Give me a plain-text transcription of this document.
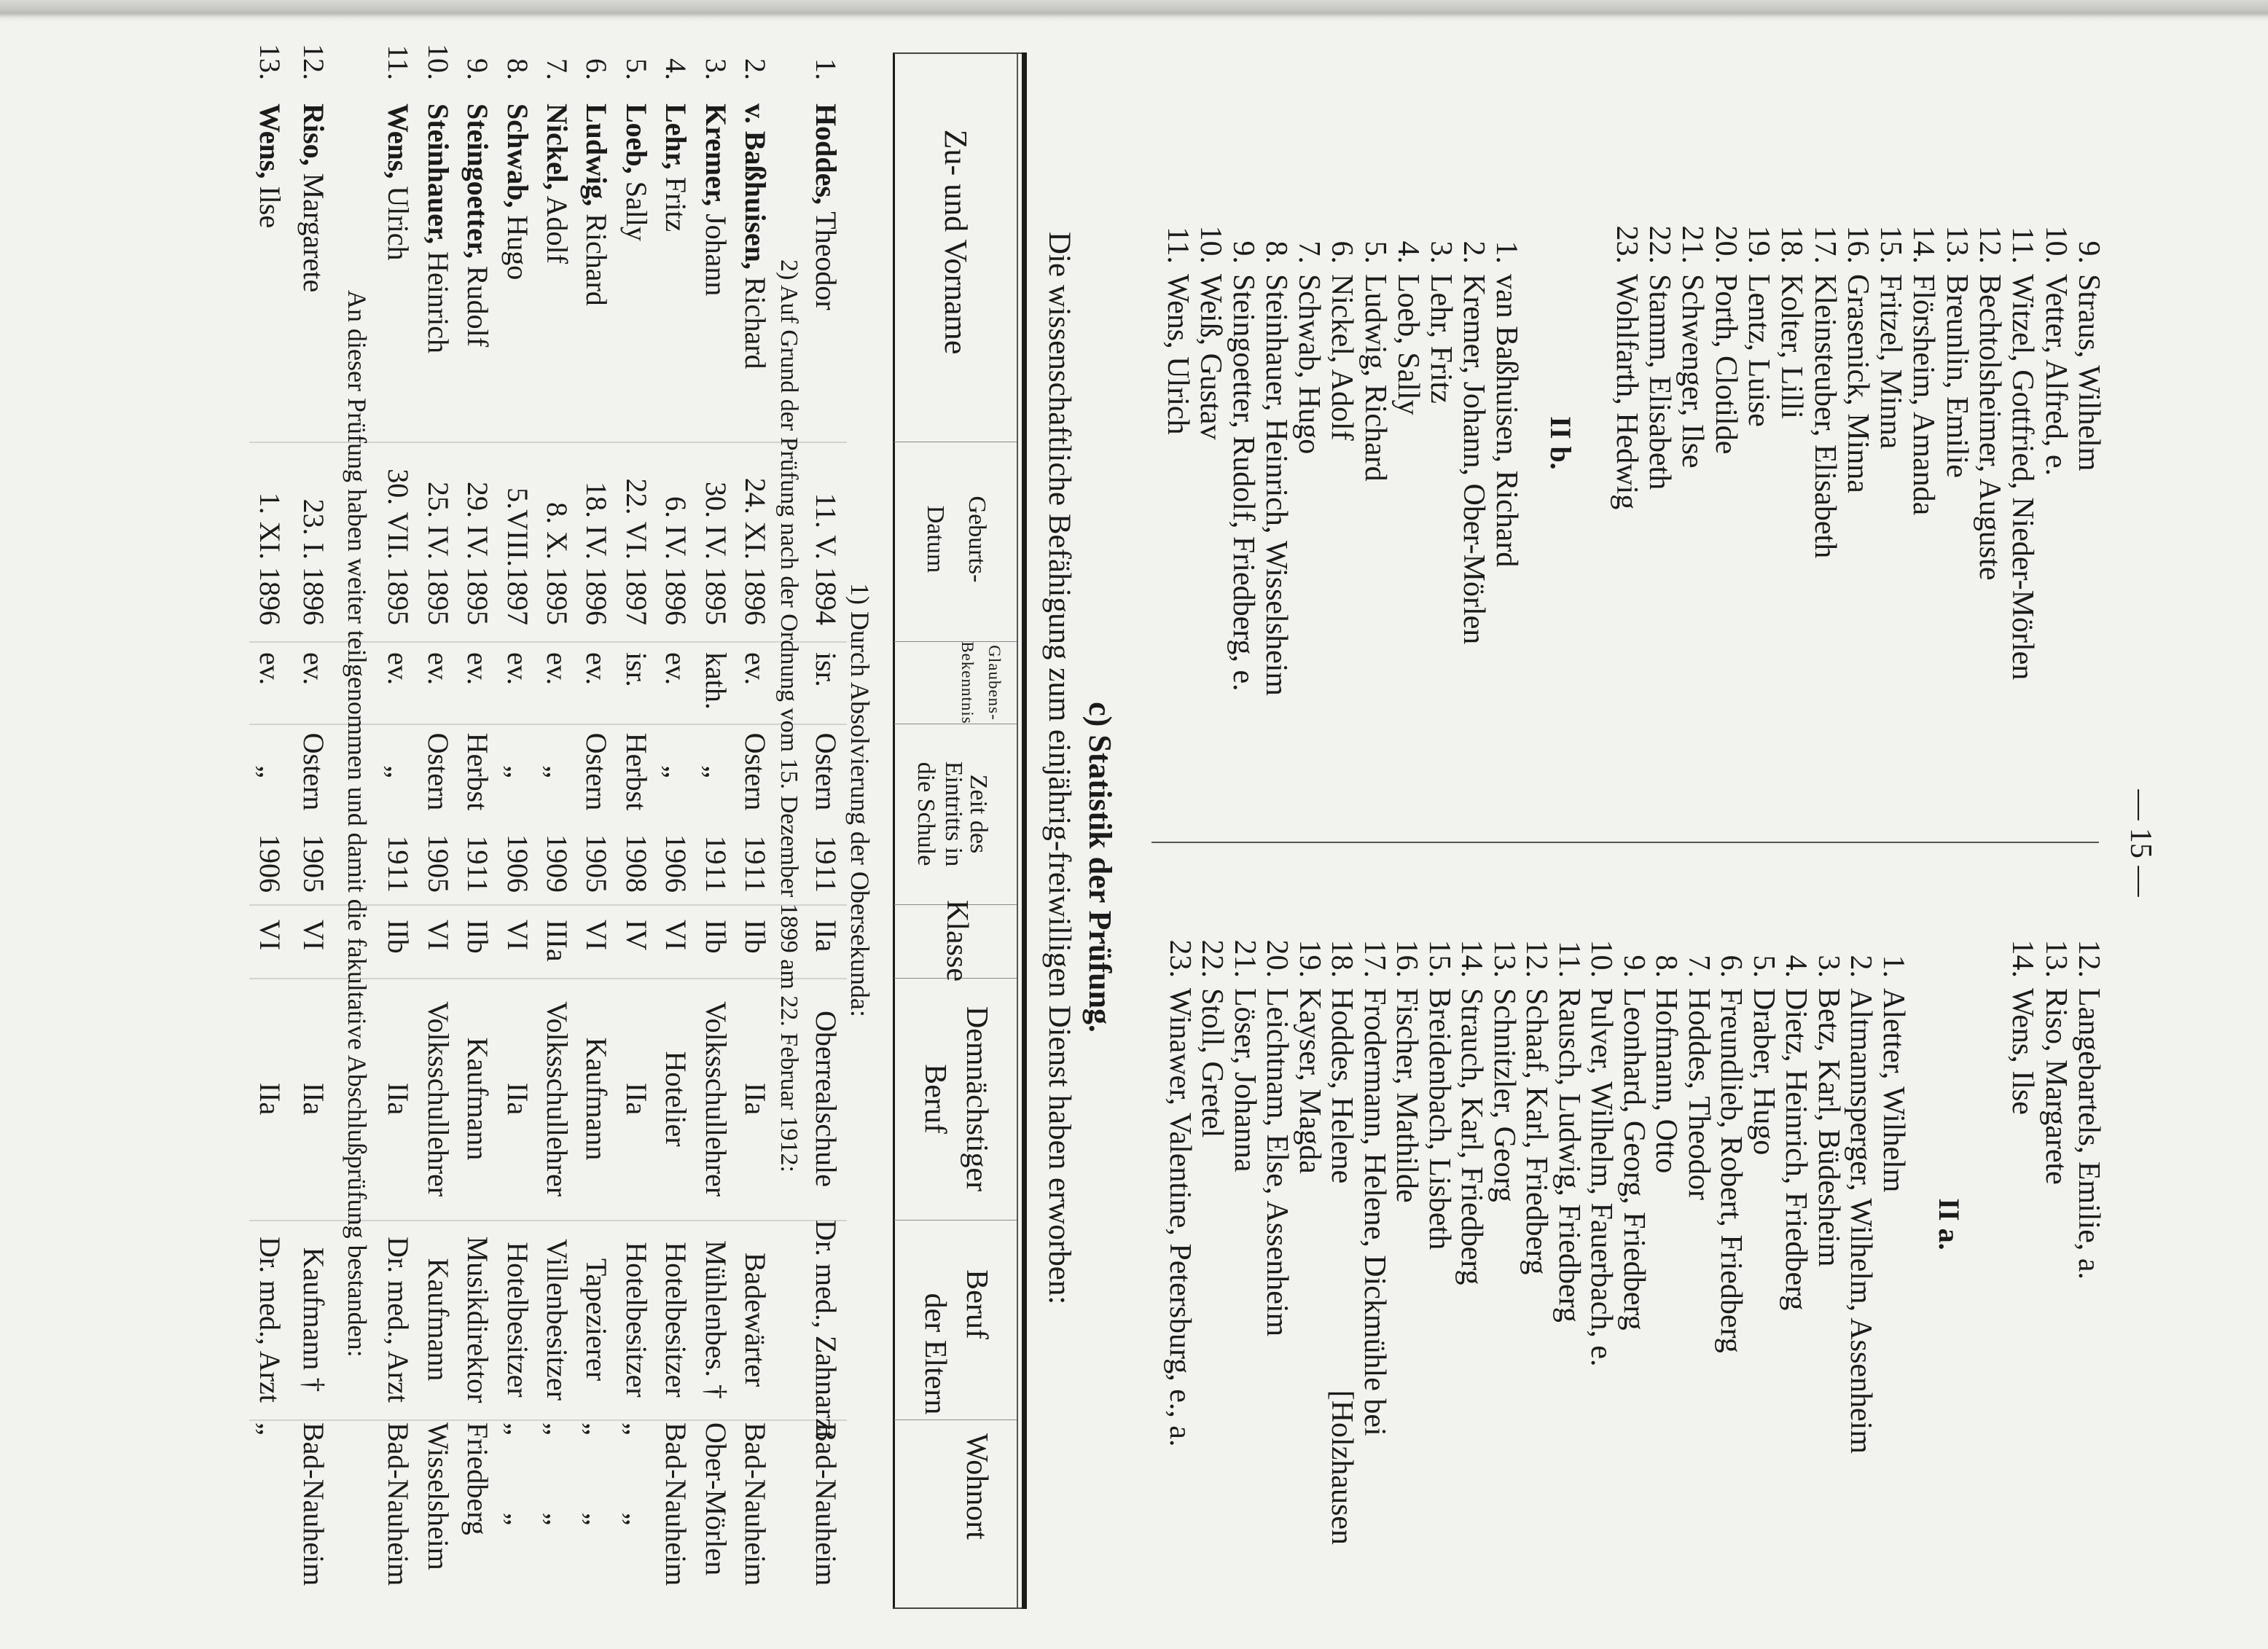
— 15 —
9.
Straus, Wilhelm
10.
Vetter, Alfred, e.
11.
Witzel, Gottfried, Nieder-Mörlen
12.
Bechtolsheimer, Auguste
13.
Breunlin, Emilie
14.
Flörsheim, Amanda
15.
Fritzel, Minna
16.
Grasenick, Minna
17.
Kleinsteuber, Elisabeth
18.
Kolter, Lilli
19.
Lentz, Luise
20.
Porth, Clotilde
21.
Schwenger, Ilse
22.
Stamm, Elisabeth
23.
Wohlfarth, Hedwig
1.
van Baßhuisen, Richard
2.
Kremer, Johann, Ober-Mörlen
3.
Lehr, Fritz
4.
Loeb, Sally
5.
Ludwig, Richard
6.
Nickel, Adolf
7.
Schwab, Hugo
8.
Steinhauer, Heinrich, Wisselsheim
9.
Steingoetter, Rudolf, Friedberg, e.
10.
Weiß, Gustav
11.
Wens, Ulrich
12.
Langebartels, Emilie, a.
13.
Riso, Margarete
14.
Wens, Ilse
1.
Aletter, Wilhelm
2.
Altmannsperger, Wilhelm, Assenheim
3.
Betz, Karl, Büdesheim
4.
Dietz, Heinrich, Friedberg
5.
Draber, Hugo
6.
Freundlieb, Robert, Friedberg
7.
Hoddes, Theodor
8.
Hofmann, Otto
9.
Leonhard, Georg, Friedberg
10.
Pulver, Wilhelm, Fauerbach, e.
11.
Rausch, Ludwig, Friedberg
12.
Schaaf, Karl, Friedberg
13.
Schnitzler, Georg
14.
Strauch, Karl, Friedberg
15.
Breidenbach, Lisbeth
16.
Fischer, Mathilde
17.
Frodermann, Helene, Dickmühle bei
18.
Hoddes, Helene
[Holzhausen
19.
Kayser, Magda
20.
Leichtnam, Else, Assenheim
21.
Löser, Johanna
22.
Stoll, Gretel
23.
Winawer, Valentine, Petersburg, e., a.
II b.
II a.
c) Statistik der Prüfung.
Die wissenschaftliche Befähigung zum einjährig-freiwilligen Dienst haben erworben:
Zu- und Vorname
Geburts-
Datum
Glaubens-
Bekenntnis
Zeit des
Eintritts in
die Schule
Klasse
Demnächstiger
Beruf
Beruf
der Eltern
Wohnort
1) Durch Absolvierung der Obersekunda:
2) Auf Grund der Prüfung nach der Ordnung vom 15. Dezember 1899 am 22. Februar 1912:
An dieser Prüfung haben weiter teilgenommen und damit die fakultative Abschlußprüfung bestanden:
Hoddes, Theodor
1.
11. V. 1894
isr.
Ostern
1911
IIa
Oberrealschule
Dr. med., Zahnarzt
Bad-Nauheim
v. Baßhuisen, Richard
2.
24. XI. 1896
ev.
Ostern
1911
IIb
IIa
Badewärter
Bad-Nauheim
Kremer, Johann
3.
30. IV. 1895
kath.
„
1911
IIb
Volksschullehrer
Mühlenbes. †
Ober-Mörlen
Lehr, Fritz
4.
6. IV. 1896
ev.
„
1906
VI
Hotelier
Hotelbesitzer
Bad-Nauheim
Loeb, Sally
5.
22. VI. 1897
isr.
Herbst
1908
IV
IIa
Hotelbesitzer
„ „
Ludwig, Richard
6.
18. IV. 1896
ev.
Ostern
1905
VI
Kaufmann
Tapezierer
„ „
Nickel, Adolf
7.
8. X. 1895
ev.
„
1909
IIIa
Volksschullehrer
Villenbesitzer
„ „
Schwab, Hugo
8.
5.VIII.1897
ev.
„
1906
VI
IIa
Hotelbesitzer
„ „
Steingoetter, Rudolf
9.
29. IV. 1895
ev.
Herbst
1911
IIb
Kaufmann
Musikdirektor
Friedberg
Steinhauer, Heinrich
10.
25. IV. 1895
ev.
Ostern
1905
VI
Volksschullehrer
Kaufmann
Wisselsheim
Wens, Ulrich
11.
30. VII. 1895
ev.
„
1911
IIb
IIa
Dr. med., Arzt
Bad-Nauheim
Riso, Margarete
12.
23. I. 1896
ev.
Ostern
1905
VI
IIa
Kaufmann †
Bad-Nauheim
Wens, Ilse
13.
1. XI. 1896
ev.
„
1906
VI
IIa
Dr. med., Arzt
„
